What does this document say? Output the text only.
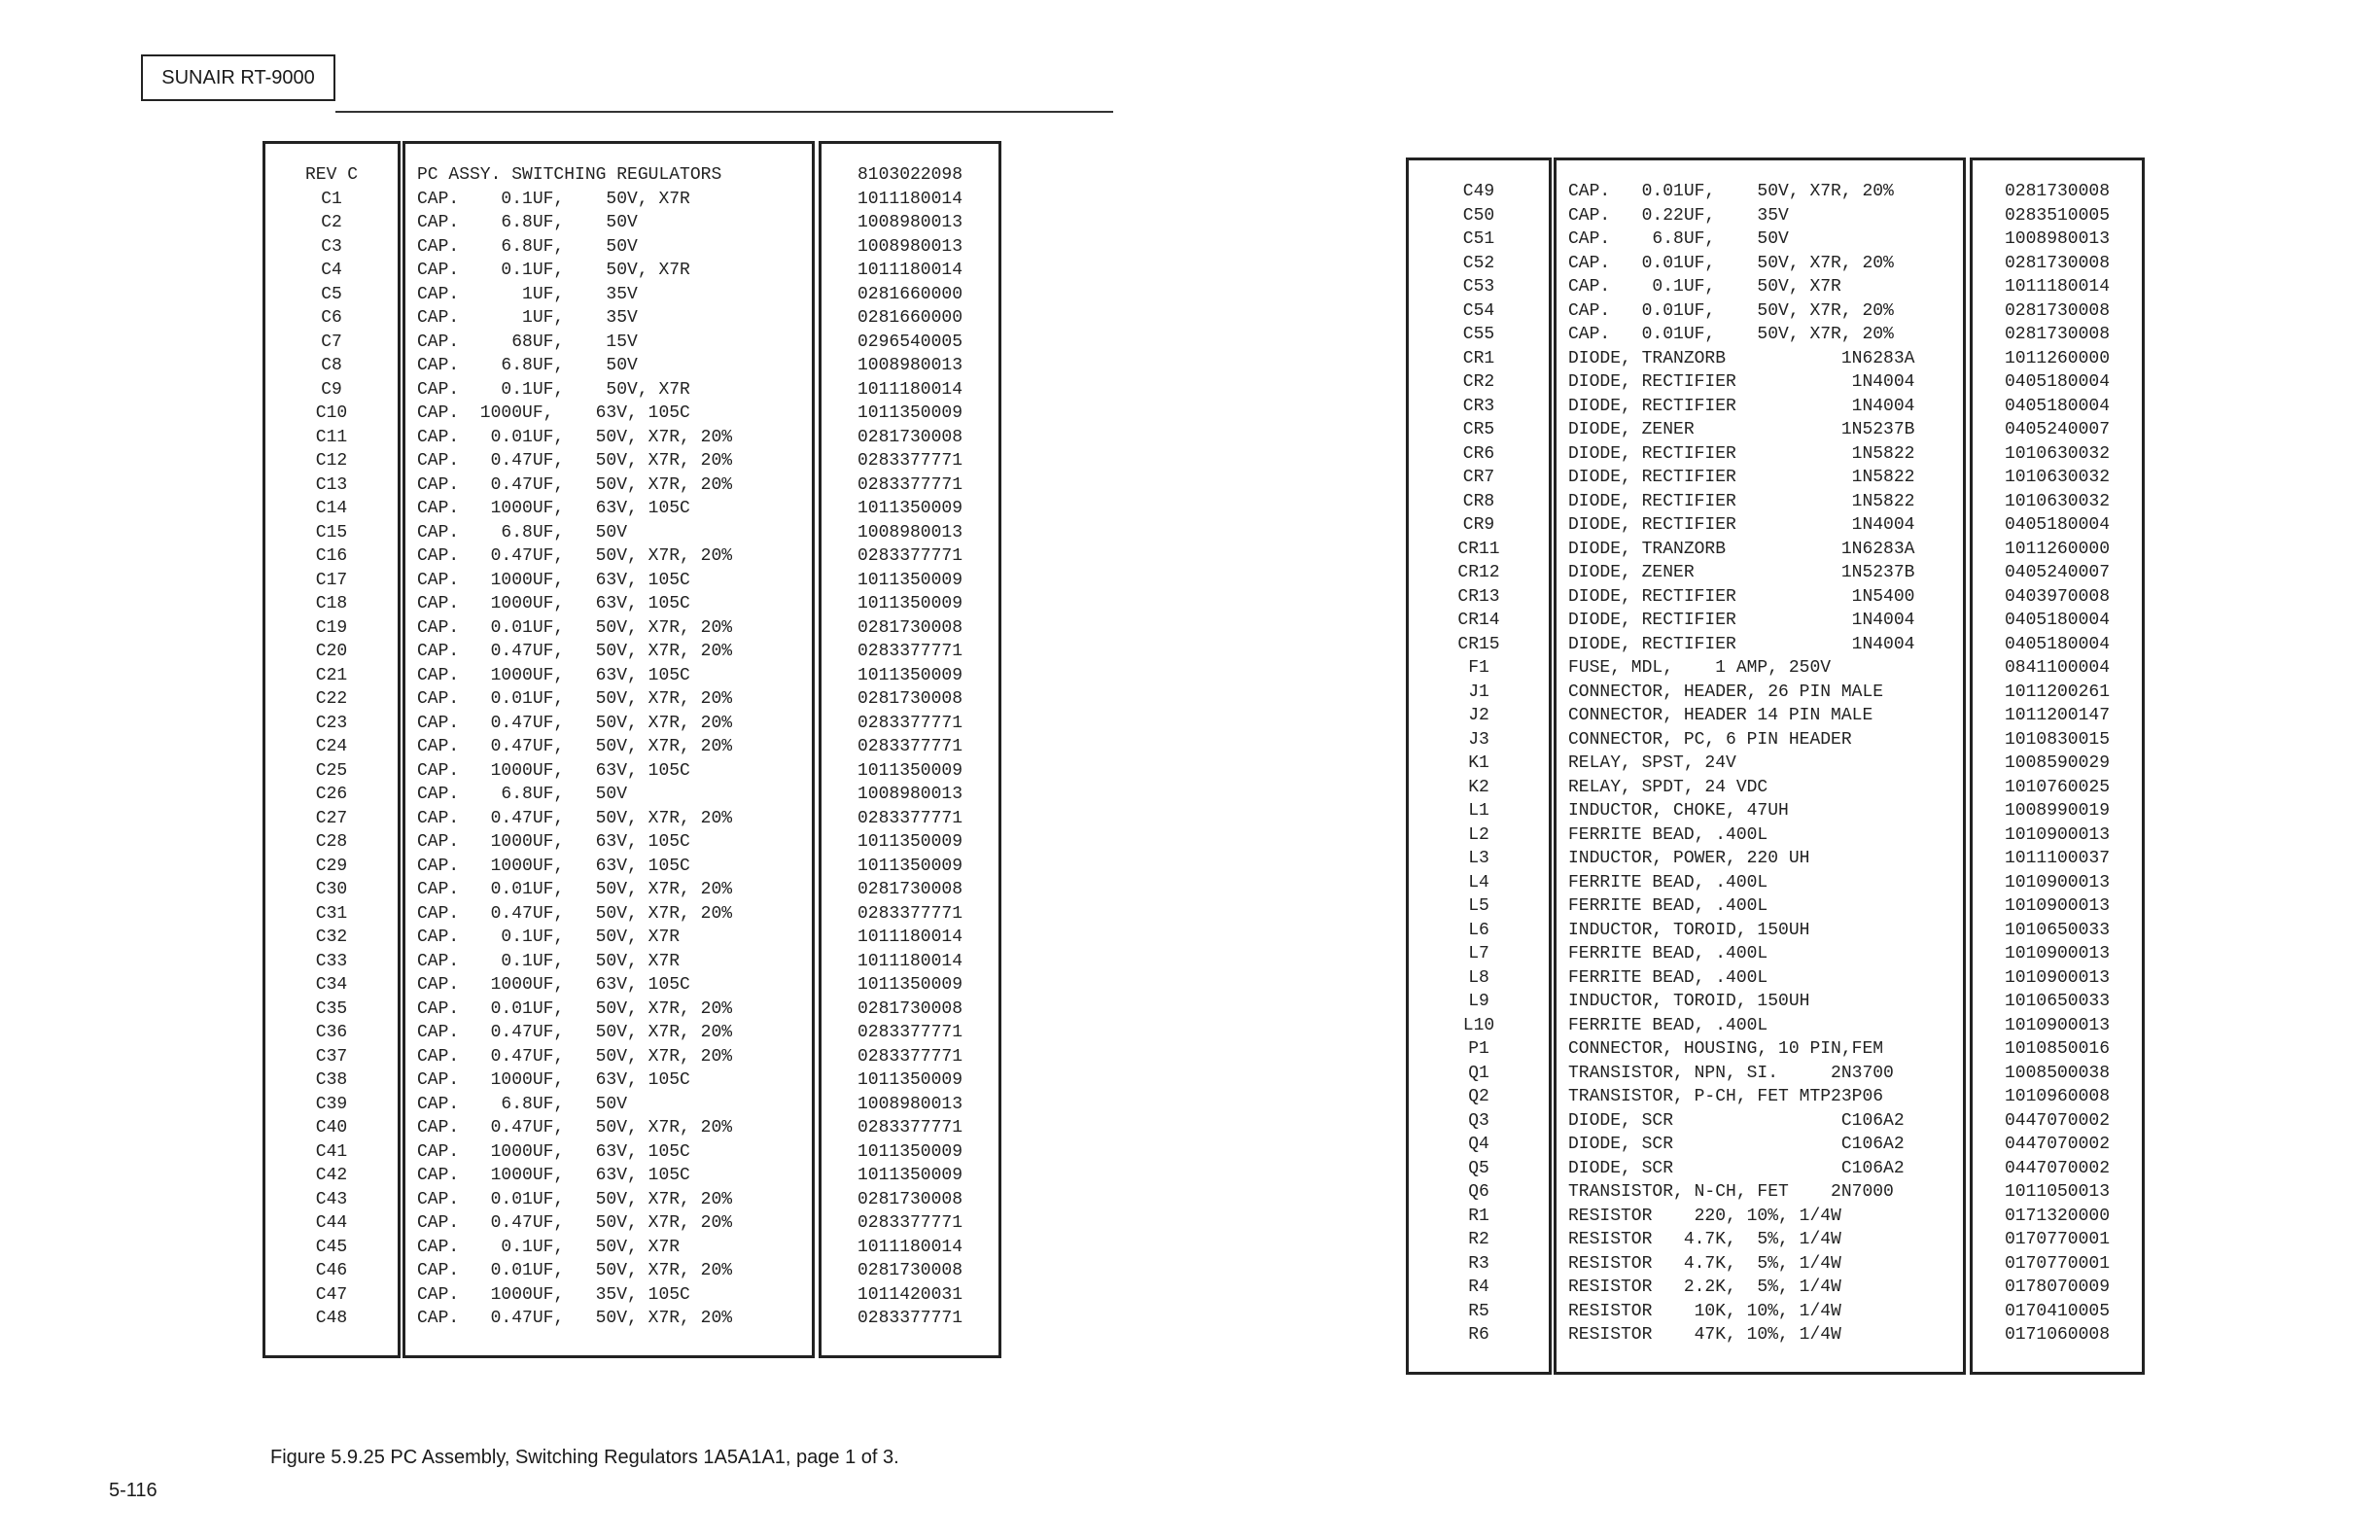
SUNAIR RT-9000
REV C
C1
C2
C3
C4
C5
C6
C7
C8
C9
C10
C11
C12
C13
C14
C15
C16
C17
C18
C19
C20
C21
C22
C23
C24
C25
C26
C27
C28
C29
C30
C31
C32
C33
C34
C35
C36
C37
C38
C39
C40
C41
C42
C43
C44
C45
C46
C47
C48
PC ASSY. SWITCHING REGULATORS
CAP.    0.1UF,    50V, X7R
CAP.    6.8UF,    50V
CAP.    6.8UF,    50V
CAP.    0.1UF,    50V, X7R
CAP.      1UF,    35V
CAP.      1UF,    35V
CAP.     68UF,    15V
CAP.    6.8UF,    50V
CAP.    0.1UF,    50V, X7R
CAP.  1000UF,    63V, 105C
CAP.   0.01UF,   50V, X7R, 20%
CAP.   0.47UF,   50V, X7R, 20%
CAP.   0.47UF,   50V, X7R, 20%
CAP.   1000UF,   63V, 105C
CAP.    6.8UF,   50V
CAP.   0.47UF,   50V, X7R, 20%
CAP.   1000UF,   63V, 105C
CAP.   1000UF,   63V, 105C
CAP.   0.01UF,   50V, X7R, 20%
CAP.   0.47UF,   50V, X7R, 20%
CAP.   1000UF,   63V, 105C
CAP.   0.01UF,   50V, X7R, 20%
CAP.   0.47UF,   50V, X7R, 20%
CAP.   0.47UF,   50V, X7R, 20%
CAP.   1000UF,   63V, 105C
CAP.    6.8UF,   50V
CAP.   0.47UF,   50V, X7R, 20%
CAP.   1000UF,   63V, 105C
CAP.   1000UF,   63V, 105C
CAP.   0.01UF,   50V, X7R, 20%
CAP.   0.47UF,   50V, X7R, 20%
CAP.    0.1UF,   50V, X7R
CAP.    0.1UF,   50V, X7R
CAP.   1000UF,   63V, 105C
CAP.   0.01UF,   50V, X7R, 20%
CAP.   0.47UF,   50V, X7R, 20%
CAP.   0.47UF,   50V, X7R, 20%
CAP.   1000UF,   63V, 105C
CAP.    6.8UF,   50V
CAP.   0.47UF,   50V, X7R, 20%
CAP.   1000UF,   63V, 105C
CAP.   1000UF,   63V, 105C
CAP.   0.01UF,   50V, X7R, 20%
CAP.   0.47UF,   50V, X7R, 20%
CAP.    0.1UF,   50V, X7R
CAP.   0.01UF,   50V, X7R, 20%
CAP.   1000UF,   35V, 105C
CAP.   0.47UF,   50V, X7R, 20%
8103022098
1011180014
1008980013
1008980013
1011180014
0281660000
0281660000
0296540005
1008980013
1011180014
1011350009
0281730008
0283377771
0283377771
1011350009
1008980013
0283377771
1011350009
1011350009
0281730008
0283377771
1011350009
0281730008
0283377771
0283377771
1011350009
1008980013
0283377771
1011350009
1011350009
0281730008
0283377771
1011180014
1011180014
1011350009
0281730008
0283377771
0283377771
1011350009
1008980013
0283377771
1011350009
1011350009
0281730008
0283377771
1011180014
0281730008
1011420031
0283377771
C49
C50
C51
C52
C53
C54
C55
CR1
CR2
CR3
CR5
CR6
CR7
CR8
CR9
CR11
CR12
CR13
CR14
CR15
F1
J1
J2
J3
K1
K2
L1
L2
L3
L4
L5
L6
L7
L8
L9
L10
P1
Q1
Q2
Q3
Q4
Q5
Q6
R1
R2
R3
R4
R5
R6
CAP.   0.01UF,    50V, X7R, 20%
CAP.   0.22UF,    35V
CAP.    6.8UF,    50V
CAP.   0.01UF,    50V, X7R, 20%
CAP.    0.1UF,    50V, X7R
CAP.   0.01UF,    50V, X7R, 20%
CAP.   0.01UF,    50V, X7R, 20%
DIODE, TRANZORB           1N6283A
DIODE, RECTIFIER           1N4004
DIODE, RECTIFIER           1N4004
DIODE, ZENER              1N5237B
DIODE, RECTIFIER           1N5822
DIODE, RECTIFIER           1N5822
DIODE, RECTIFIER           1N5822
DIODE, RECTIFIER           1N4004
DIODE, TRANZORB           1N6283A
DIODE, ZENER              1N5237B
DIODE, RECTIFIER           1N5400
DIODE, RECTIFIER           1N4004
DIODE, RECTIFIER           1N4004
FUSE, MDL,    1 AMP, 250V
CONNECTOR, HEADER, 26 PIN MALE
CONNECTOR, HEADER 14 PIN MALE
CONNECTOR, PC, 6 PIN HEADER
RELAY, SPST, 24V
RELAY, SPDT, 24 VDC
INDUCTOR, CHOKE, 47UH
FERRITE BEAD, .400L
INDUCTOR, POWER, 220 UH
FERRITE BEAD, .400L
FERRITE BEAD, .400L
INDUCTOR, TOROID, 150UH
FERRITE BEAD, .400L
FERRITE BEAD, .400L
INDUCTOR, TOROID, 150UH
FERRITE BEAD, .400L
CONNECTOR, HOUSING, 10 PIN,FEM
TRANSISTOR, NPN, SI.     2N3700
TRANSISTOR, P-CH, FET MTP23P06
DIODE, SCR                C106A2
DIODE, SCR                C106A2
DIODE, SCR                C106A2
TRANSISTOR, N-CH, FET    2N7000
RESISTOR    220, 10%, 1/4W
RESISTOR   4.7K,  5%, 1/4W
RESISTOR   4.7K,  5%, 1/4W
RESISTOR   2.2K,  5%, 1/4W
RESISTOR    10K, 10%, 1/4W
RESISTOR    47K, 10%, 1/4W
0281730008
0283510005
1008980013
0281730008
1011180014
0281730008
0281730008
1011260000
0405180004
0405180004
0405240007
1010630032
1010630032
1010630032
0405180004
1011260000
0405240007
0403970008
0405180004
0405180004
0841100004
1011200261
1011200147
1010830015
1008590029
1010760025
1008990019
1010900013
1011100037
1010900013
1010900013
1010650033
1010900013
1010900013
1010650033
1010900013
1010850016
1008500038
1010960008
0447070002
0447070002
0447070002
1011050013
0171320000
0170770001
0170770001
0178070009
0170410005
0171060008
Figure 5.9.25 PC Assembly, Switching Regulators 1A5A1A1, page 1 of 3.
5-116
